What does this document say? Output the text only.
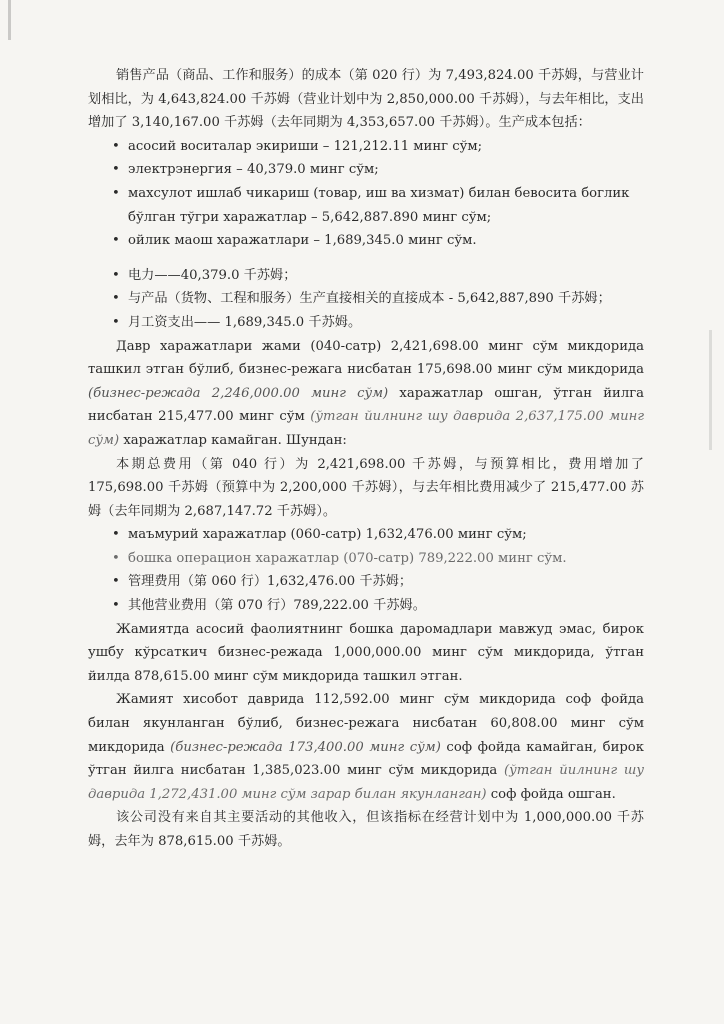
销售产品（商品、工作和服务）的成本（第 020 行）为 7,493,824.00 千苏姆，与营业计划相比，为 4,643,824.00 千苏姆（营业计划中为 2,850,000.00 千苏姆），与去年相比，支出增加了 3,140,167.00 千苏姆（去年同期为 4,353,657.00 千苏姆）。生产成本包括：

• асосий воситалар экириши – 121,212.11 минг сўм;
• электрэнергия – 40,379.0 минг сўм;
• махсулот ишлаб чикариш (товар, иш ва хизмат) билан бевосита боглик бўлган тўгри харажатлар – 5,642,887.890 минг сўм;
• ойлик маош харажатлари – 1,689,345.0 минг сўм.
• 电力——40,379.0 千苏姆；
• 与产品（货物、工程和服务）生产直接相关的直接成本 - 5,642,887,890 千苏姆；
• 月工资支出—— 1,689,345.0 千苏姆。

Давр харажатлари жами (040-сатр) 2,421,698.00 минг сўм микдорида ташкил этган бўлиб, бизнес-режага нисбатан 175,698.00 минг сўм микдорида (бизнес-режада 2,246,000.00 минг сўм) харажатлар ошган, ўтган йилга нисбатан 215,477.00 минг сўм (ўтган йилнинг шу даврида 2,637,175.00 минг сўм) харажатлар камайган. Шундан:

本期总费用（第 040 行）为 2,421,698.00 千苏姆，与预算相比，费用增加了 175,698.00 千苏姆（预算中为 2,200,000 千苏姆），与去年相比费用减少了 215,477.00 苏姆（去年同期为 2,687,147.72 千苏姆）。

• маъмурий харажатлар (060-сатр) 1,632,476.00 минг сўм;
• бошка операцион харажатлар (070-сатр) 789,222.00 минг сўм.
• 管理费用（第 060 行）1,632,476.00 千苏姆；
• 其他营业费用（第 070 行）789,222.00 千苏姆。

Жамиятда асосий фаолиятнинг бошка даромадлари мавжуд эмас, бирок ушбу кўрсаткич бизнес-режада 1,000,000.00 минг сўм микдорида, ўтган йилда 878,615.00 минг сўм микдорида ташкил этган.

Жамият хисобот даврида 112,592.00 минг сўм микдорида соф фойда билан якунланган бўлиб, бизнес-режага нисбатан 60,808.00 минг сўм микдорида (бизнес-режада 173,400.00 минг сўм) соф фойда камайган, бирок ўтган йилга нисбатан 1,385,023.00 минг сўм микдорида (ўтган йилнинг шу даврида 1,272,431.00 минг сўм зарар билан якунланган) соф фойда ошган.

该公司没有来自其主要活动的其他收入，但该指标在经营计划中为 1,000,000.00 千苏姆，去年为 878,615.00 千苏姆。
